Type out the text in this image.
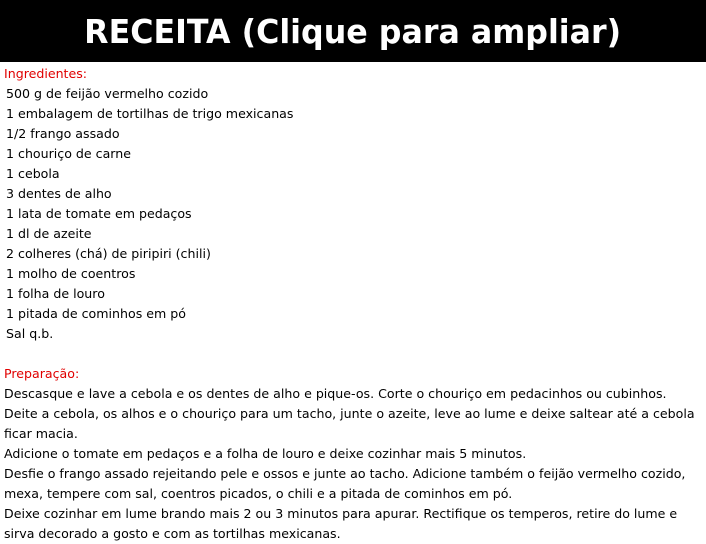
RECEITA (Clique para ampliar)
Ingredientes:
500 g de feijão vermelho cozido
1 embalagem de tortilhas de trigo mexicanas
1/2 frango assado
1 chouriço de carne
1 cebola
3 dentes de alho
1 lata de tomate em pedaços
1 dl de azeite
2 colheres (chá) de piripiri (chili)
1 molho de coentros
1 folha de louro
1 pitada de cominhos em pó
Sal q.b.
Preparação:

Descasque e lave a cebola e os dentes de alho e pique-os. Corte o chouriço em pedacinhos ou cubinhos. Deite a cebola, os alhos e o chouriço para um tacho, junte o azeite, leve ao lume e deixe saltear até a cebola ficar macia.

Adicione o tomate em pedaços e a folha de louro e deixe cozinhar mais 5 minutos.

Desfie o frango assado rejeitando pele e ossos e junte ao tacho. Adicione também o feijão vermelho cozido, mexa, tempere com sal, coentros picados, o chili e a pitada de cominhos em pó.

Deixe cozinhar em lume brando mais 2 ou 3 minutos para apurar. Rectifique os temperos, retire do lume e sirva decorado a gosto e com as tortilhas mexicanas.
